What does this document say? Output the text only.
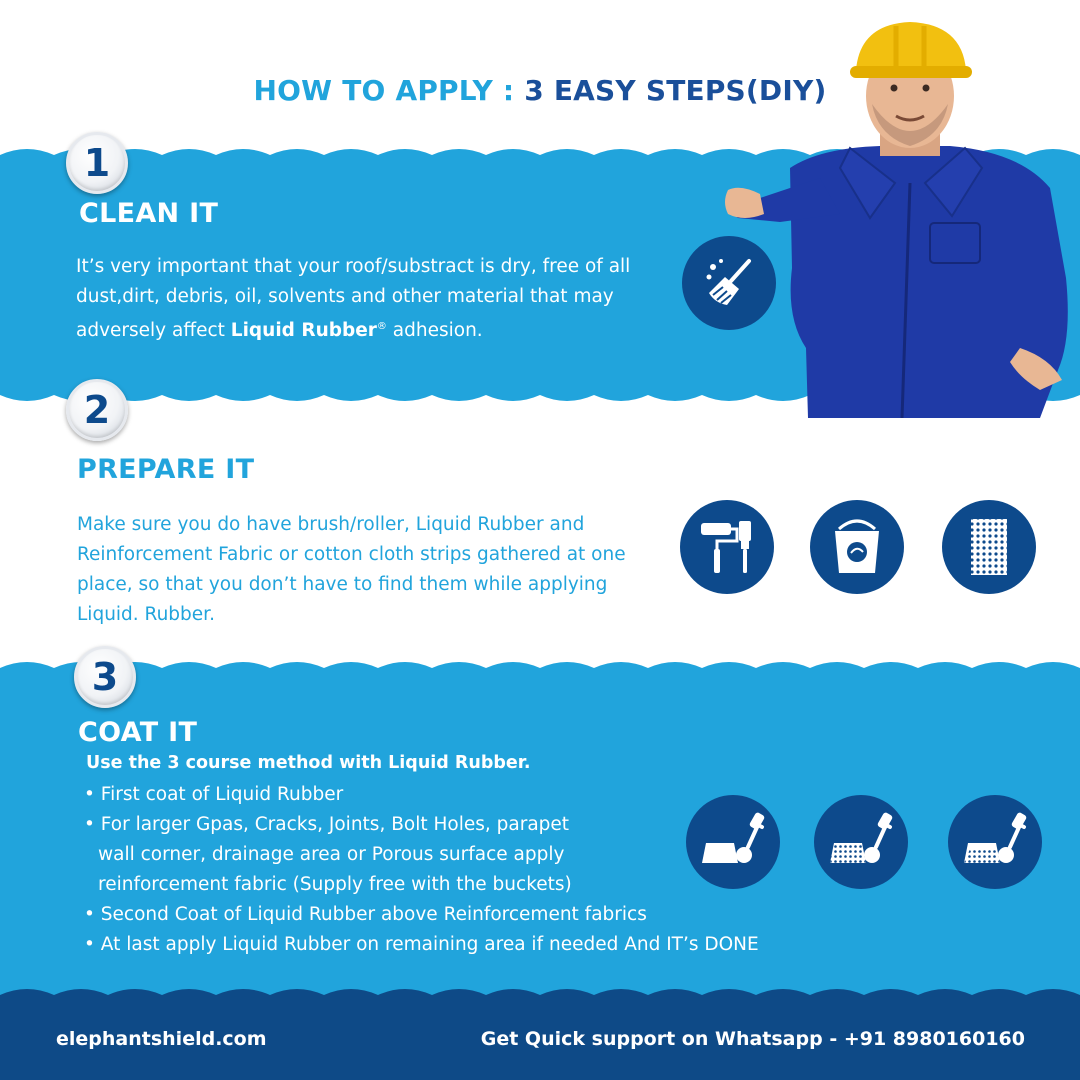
HOW TO APPLY : 3 EASY STEPS(DIY)
1
CLEAN IT
It’s very important that your roof/substract is dry, free of all dust,dirt, debris, oil, solvents and other material that may adversely affect Liquid Rubber® adhesion.
2
PREPARE IT
Make sure you do have brush/roller, Liquid Rubber and Reinforcement Fabric or cotton cloth strips gathered at one place, so that you don’t have to find them while applying Liquid. Rubber.
3
COAT IT
Use the 3 course method with Liquid Rubber.
• First coat of Liquid Rubber
• For larger Gpas, Cracks, Joints, Bolt Holes, parapet
wall corner, drainage area or Porous surface apply
reinforcement fabric (Supply free with the buckets)
• Second Coat of Liquid Rubber above Reinforcement fabrics
• At last apply Liquid Rubber on remaining area if needed And IT’s DONE
elephantshield.com	Get Quick support on Whatsapp - +91 8980160160
